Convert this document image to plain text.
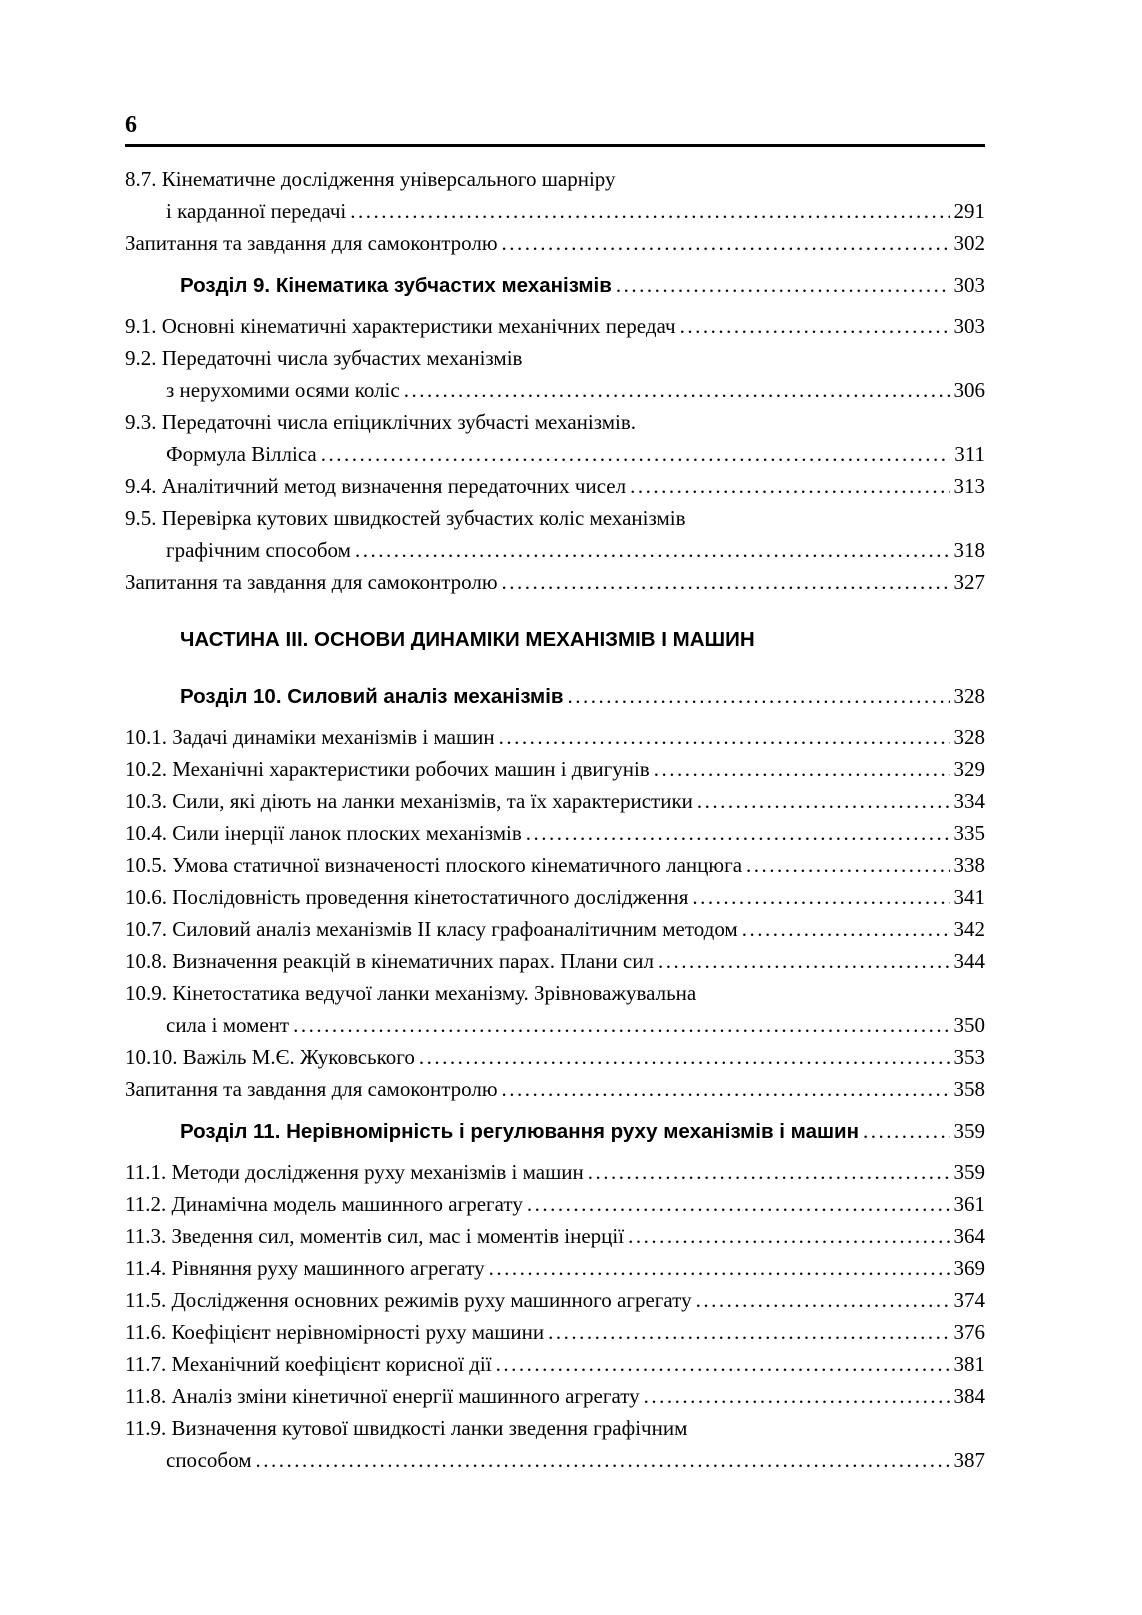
6
8.7. Кінематичне дослідження універсального шарніру
і карданної передачі .....	291
Запитання та завдання для самоконтролю .....	302
Розділ 9. Кінематика зубчастих механізмів .....	303
9.1. Основні кінематичні характеристики механічних передач .....	303
9.2. Передаточні числа зубчастих механізмів
з нерухомими осями коліс .....	306
9.3. Передаточні числа епіциклічних зубчасті механізмів.
Формула Вілліса .....	311
9.4. Аналітичний метод визначення передаточних чисел .....	313
9.5. Перевірка кутових швидкостей зубчастих коліс механізмів
графічним способом .....	318
Запитання та завдання для самоконтролю .....	327
ЧАСТИНА ІІІ. ОСНОВИ ДИНАМІКИ МЕХАНІЗМІВ І МАШИН
Розділ 10. Силовий аналіз механізмів .....	328
10.1. Задачі динаміки механізмів і машин .....	328
10.2. Механічні характеристики робочих машин і двигунів .....	329
10.3. Сили, які діють на ланки механізмів, та їх характеристики .....	334
10.4. Сили інерції ланок плоских механізмів .....	335
10.5. Умова статичної визначеності плоского кінематичного ланцюга .....	338
10.6. Послідовність проведення кінетостатичного дослідження .....	341
10.7. Силовий аналіз механізмів II класу графоаналітичним методом .....	342
10.8. Визначення реакцій в кінематичних парах. Плани сил .....	344
10.9. Кінетостатика ведучої ланки механізму. Зрівноважувальна
сила і момент .....	350
10.10. Важіль М.Є. Жуковського .....	353
Запитання та завдання для самоконтролю .....	358
Розділ 11. Нерівномірність і регулювання руху механізмів і машин .....	359
11.1. Методи дослідження руху механізмів і машин .....	359
11.2. Динамічна модель машинного агрегату .....	361
11.3. Зведення сил, моментів сил, мас і моментів інерції .....	364
11.4. Рівняння руху машинного агрегату .....	369
11.5. Дослідження основних режимів руху машинного агрегату .....	374
11.6. Коефіцієнт нерівномірності руху машини .....	376
11.7. Механічний коефіцієнт корисної дії .....	381
11.8. Аналіз зміни кінетичної енергії машинного агрегату .....	384
11.9. Визначення кутової швидкості ланки зведення графічним
способом .....	387
